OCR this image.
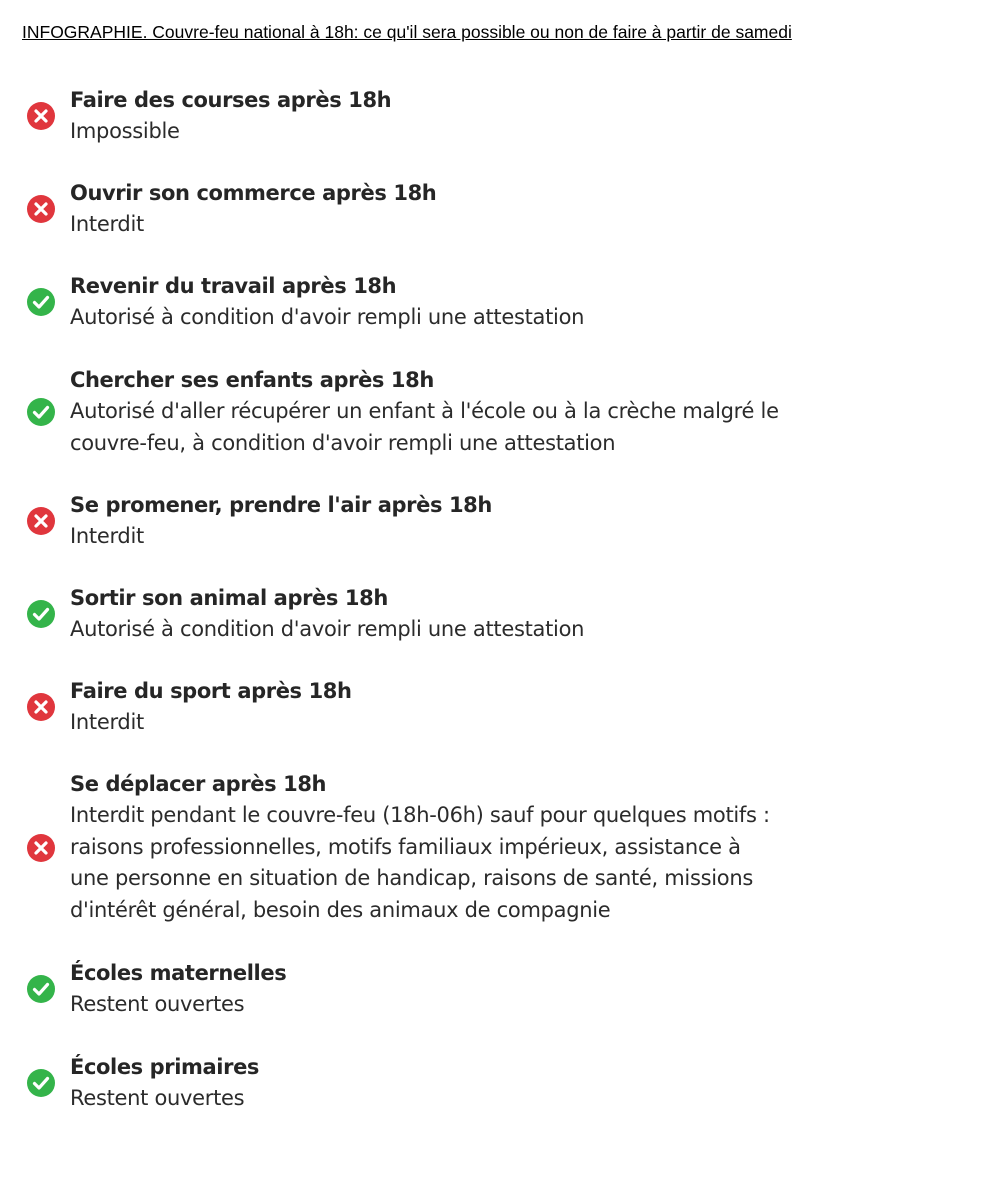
INFOGRAPHIE. Couvre-feu national à 18h: ce qu'il sera possible ou non de faire à partir de samedi
Faire des courses après 18h
Impossible
Ouvrir son commerce après 18h
Interdit
Revenir du travail après 18h
Autorisé à condition d'avoir rempli une attestation
Chercher ses enfants après 18h
Autorisé d'aller récupérer un enfant à l'école ou à la crèche malgré le
couvre-feu, à condition d'avoir rempli une attestation
Se promener, prendre l'air après 18h
Interdit
Sortir son animal après 18h
Autorisé à condition d'avoir rempli une attestation
Faire du sport après 18h
Interdit
Se déplacer après 18h
Interdit pendant le couvre-feu (18h-06h) sauf pour quelques motifs :
raisons professionnelles, motifs familiaux impérieux, assistance à
une personne en situation de handicap, raisons de santé, missions
d'intérêt général, besoin des animaux de compagnie
Écoles maternelles
Restent ouvertes
Écoles primaires
Restent ouvertes
